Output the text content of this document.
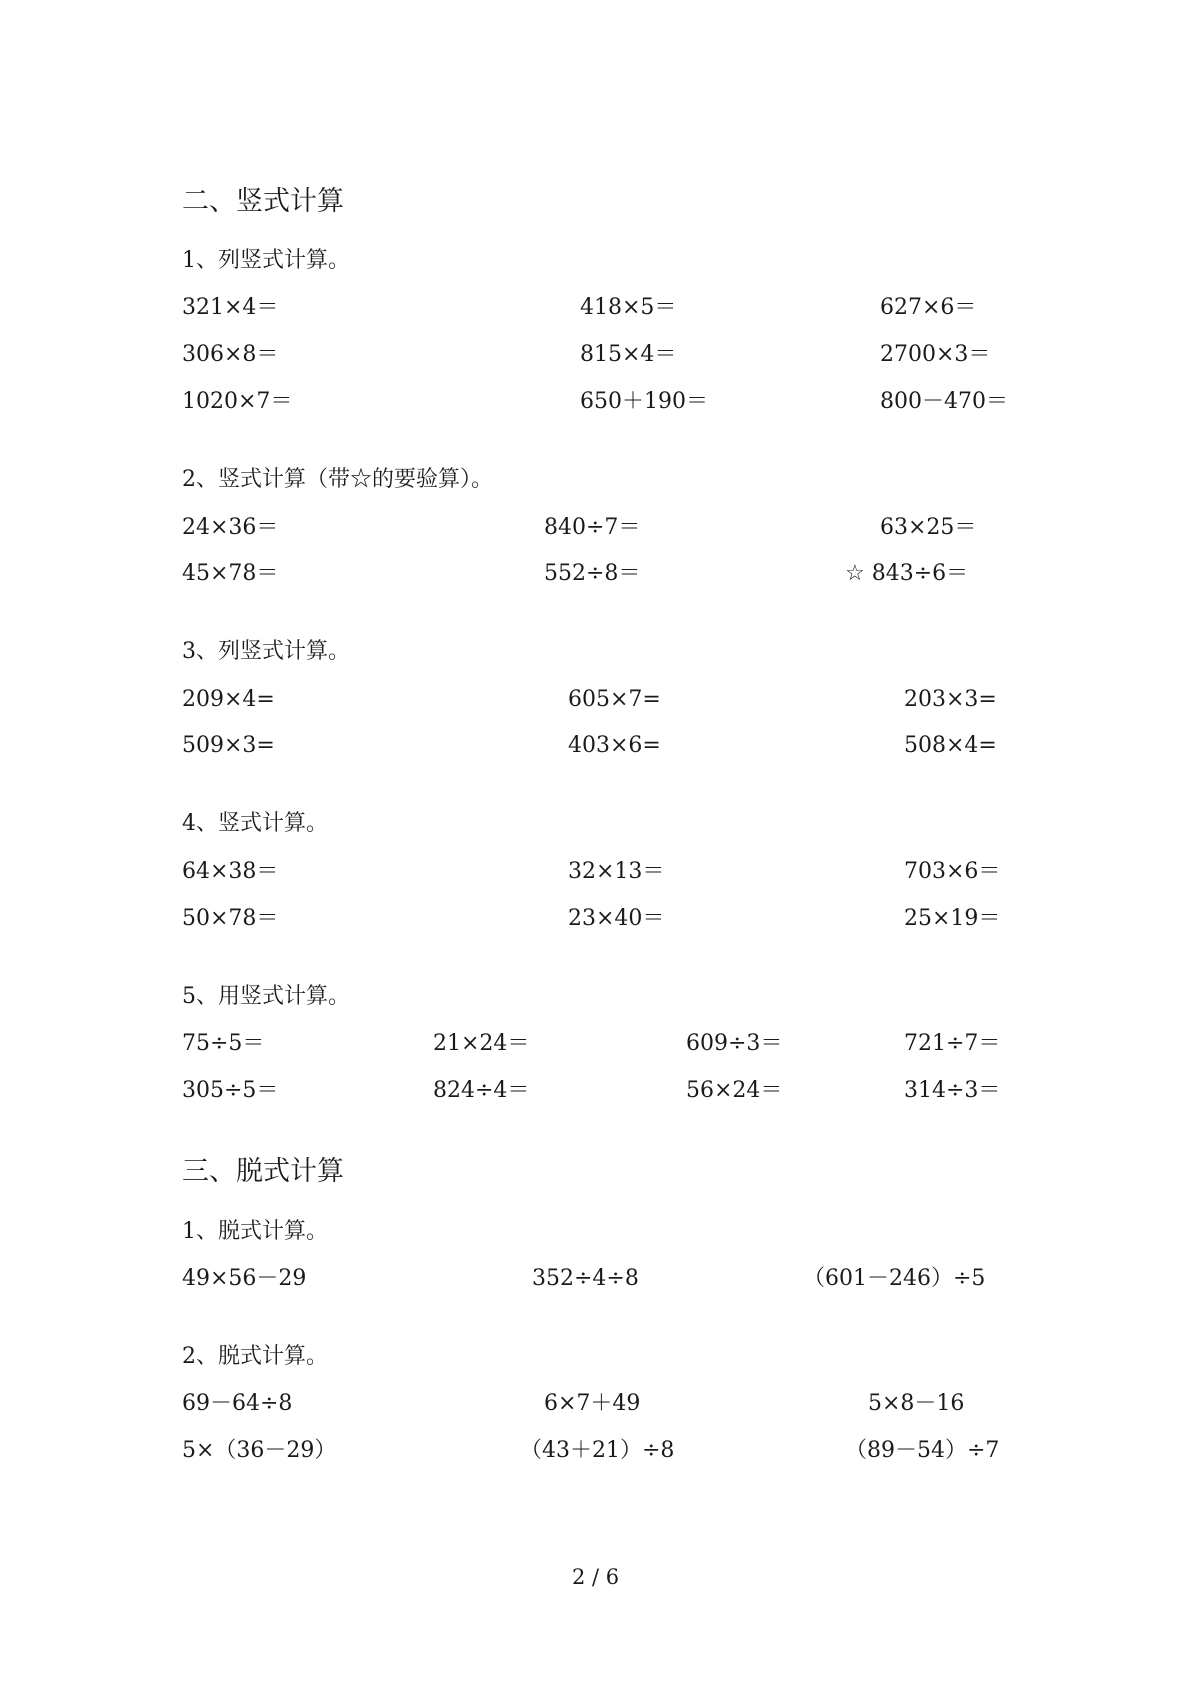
二、竖式计算
1、列竖式计算。
321×4＝	418×5＝	627×6＝
306×8＝	815×4＝	2700×3＝
1020×7＝	650＋190＝	800－470＝
2、竖式计算（带☆的要验算）。
24×36＝	840÷7＝	63×25＝
45×78＝	552÷8＝	☆ 843÷6＝
3、列竖式计算。
209×4=	605×7=	203×3=
509×3=	403×6=	508×4=
4、竖式计算。
64×38＝	32×13＝	703×6＝
50×78＝	23×40＝	25×19＝
5、用竖式计算。
75÷5＝	21×24＝	609÷3＝	721÷7＝
305÷5＝	824÷4＝	56×24＝	314÷3＝
三、脱式计算
1、脱式计算。
49×56－29	352÷4÷8	（601－246）÷5
2、脱式计算。
69－64÷8	6×7＋49	5×8－16
5×（36－29）	（43＋21）÷8	（89－54）÷7
2 / 6
